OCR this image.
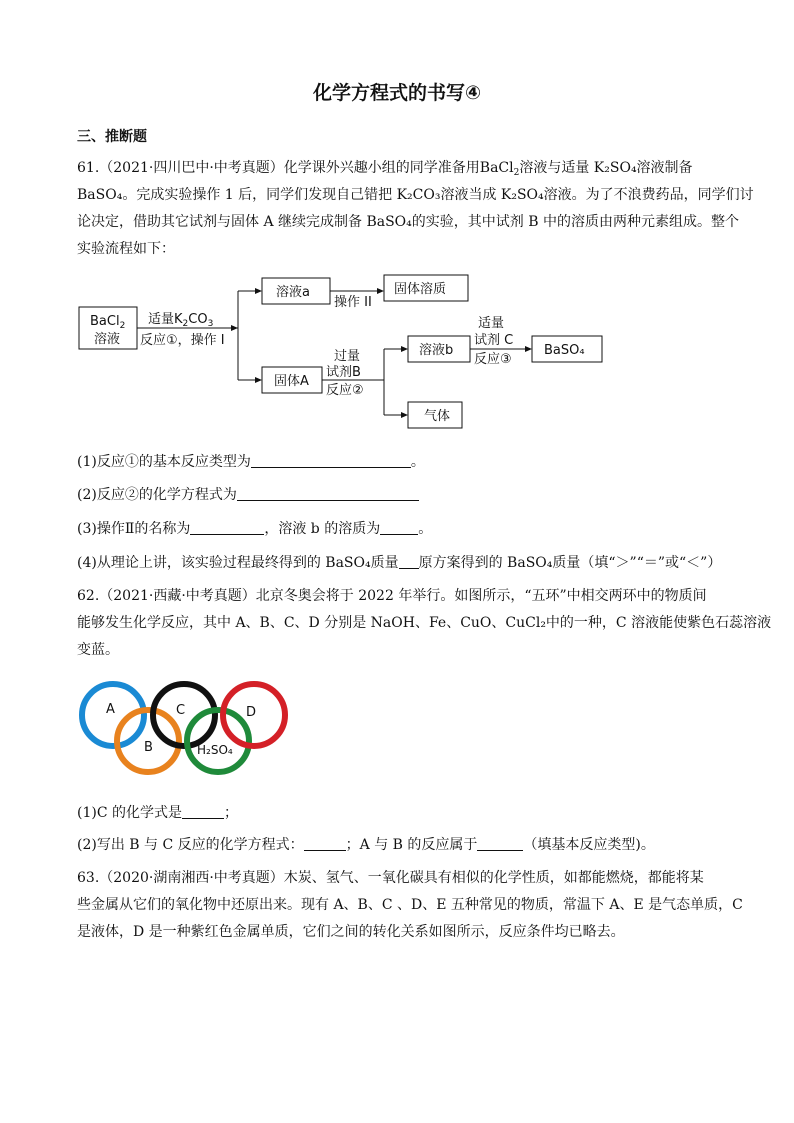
化学方程式的书写④
三、推断题
61.（2021·四川巴中·中考真题）化学课外兴趣小组的同学准备用BaCl$_2$溶液与适量 K₂SO₄溶液制备
BaSO₄。完成实验操作 1 后，同学们发现自己错把 K₂CO₃溶液当成 K₂SO₄溶液。为了不浪费药品，同学们讨
论决定，借助其它试剂与固体 A 继续完成制备 BaSO₄的实验，其中试剂 B 中的溶质由两种元素组成。整个
实验流程如下：
BaCl$_2$
溶液
适量$K_2CO_3$
反应①，操作 I
溶液a
操作 II
固体溶质
固体A
过量
试剂B
反应②
溶液b
适量
试剂 C
反应③
BaSO₄
气体
(1)反应①的基本反应类型为	。
(2)反应②的化学方程式为
(3)操作Ⅱ的名称为	，溶液 b 的溶质为	。
(4)从理论上讲，该实验过程最终得到的 BaSO₄质量 原方案得到的 BaSO₄质量（填“＞”“＝”或“＜”）
62.（2021·西藏·中考真题）北京冬奥会将于 2022 年举行。如图所示，“五环”中相交两环中的物质间
能够发生化学反应，其中 A、B、C、D 分别是 NaOH、Fe、CuO、CuCl₂中的一种，C 溶液能使紫色石蕊溶液
变蓝。
A
B
C	D
H₂SO₄
(1)C 的化学式是	；
(2)写出 B 与 C 反应的化学方程式：	；A 与 B 的反应属于	（填基本反应类型)。
63.（2020·湖南湘西·中考真题）木炭、氢气、一氧化碳具有相似的化学性质，如都能燃烧，都能将某
些金属从它们的氧化物中还原出来。现有 A、B、C 、D、E 五种常见的物质，常温下 A、E 是气态单质，C
是液体，D 是一种紫红色金属单质，它们之间的转化关系如图所示，反应条件均已略去。
